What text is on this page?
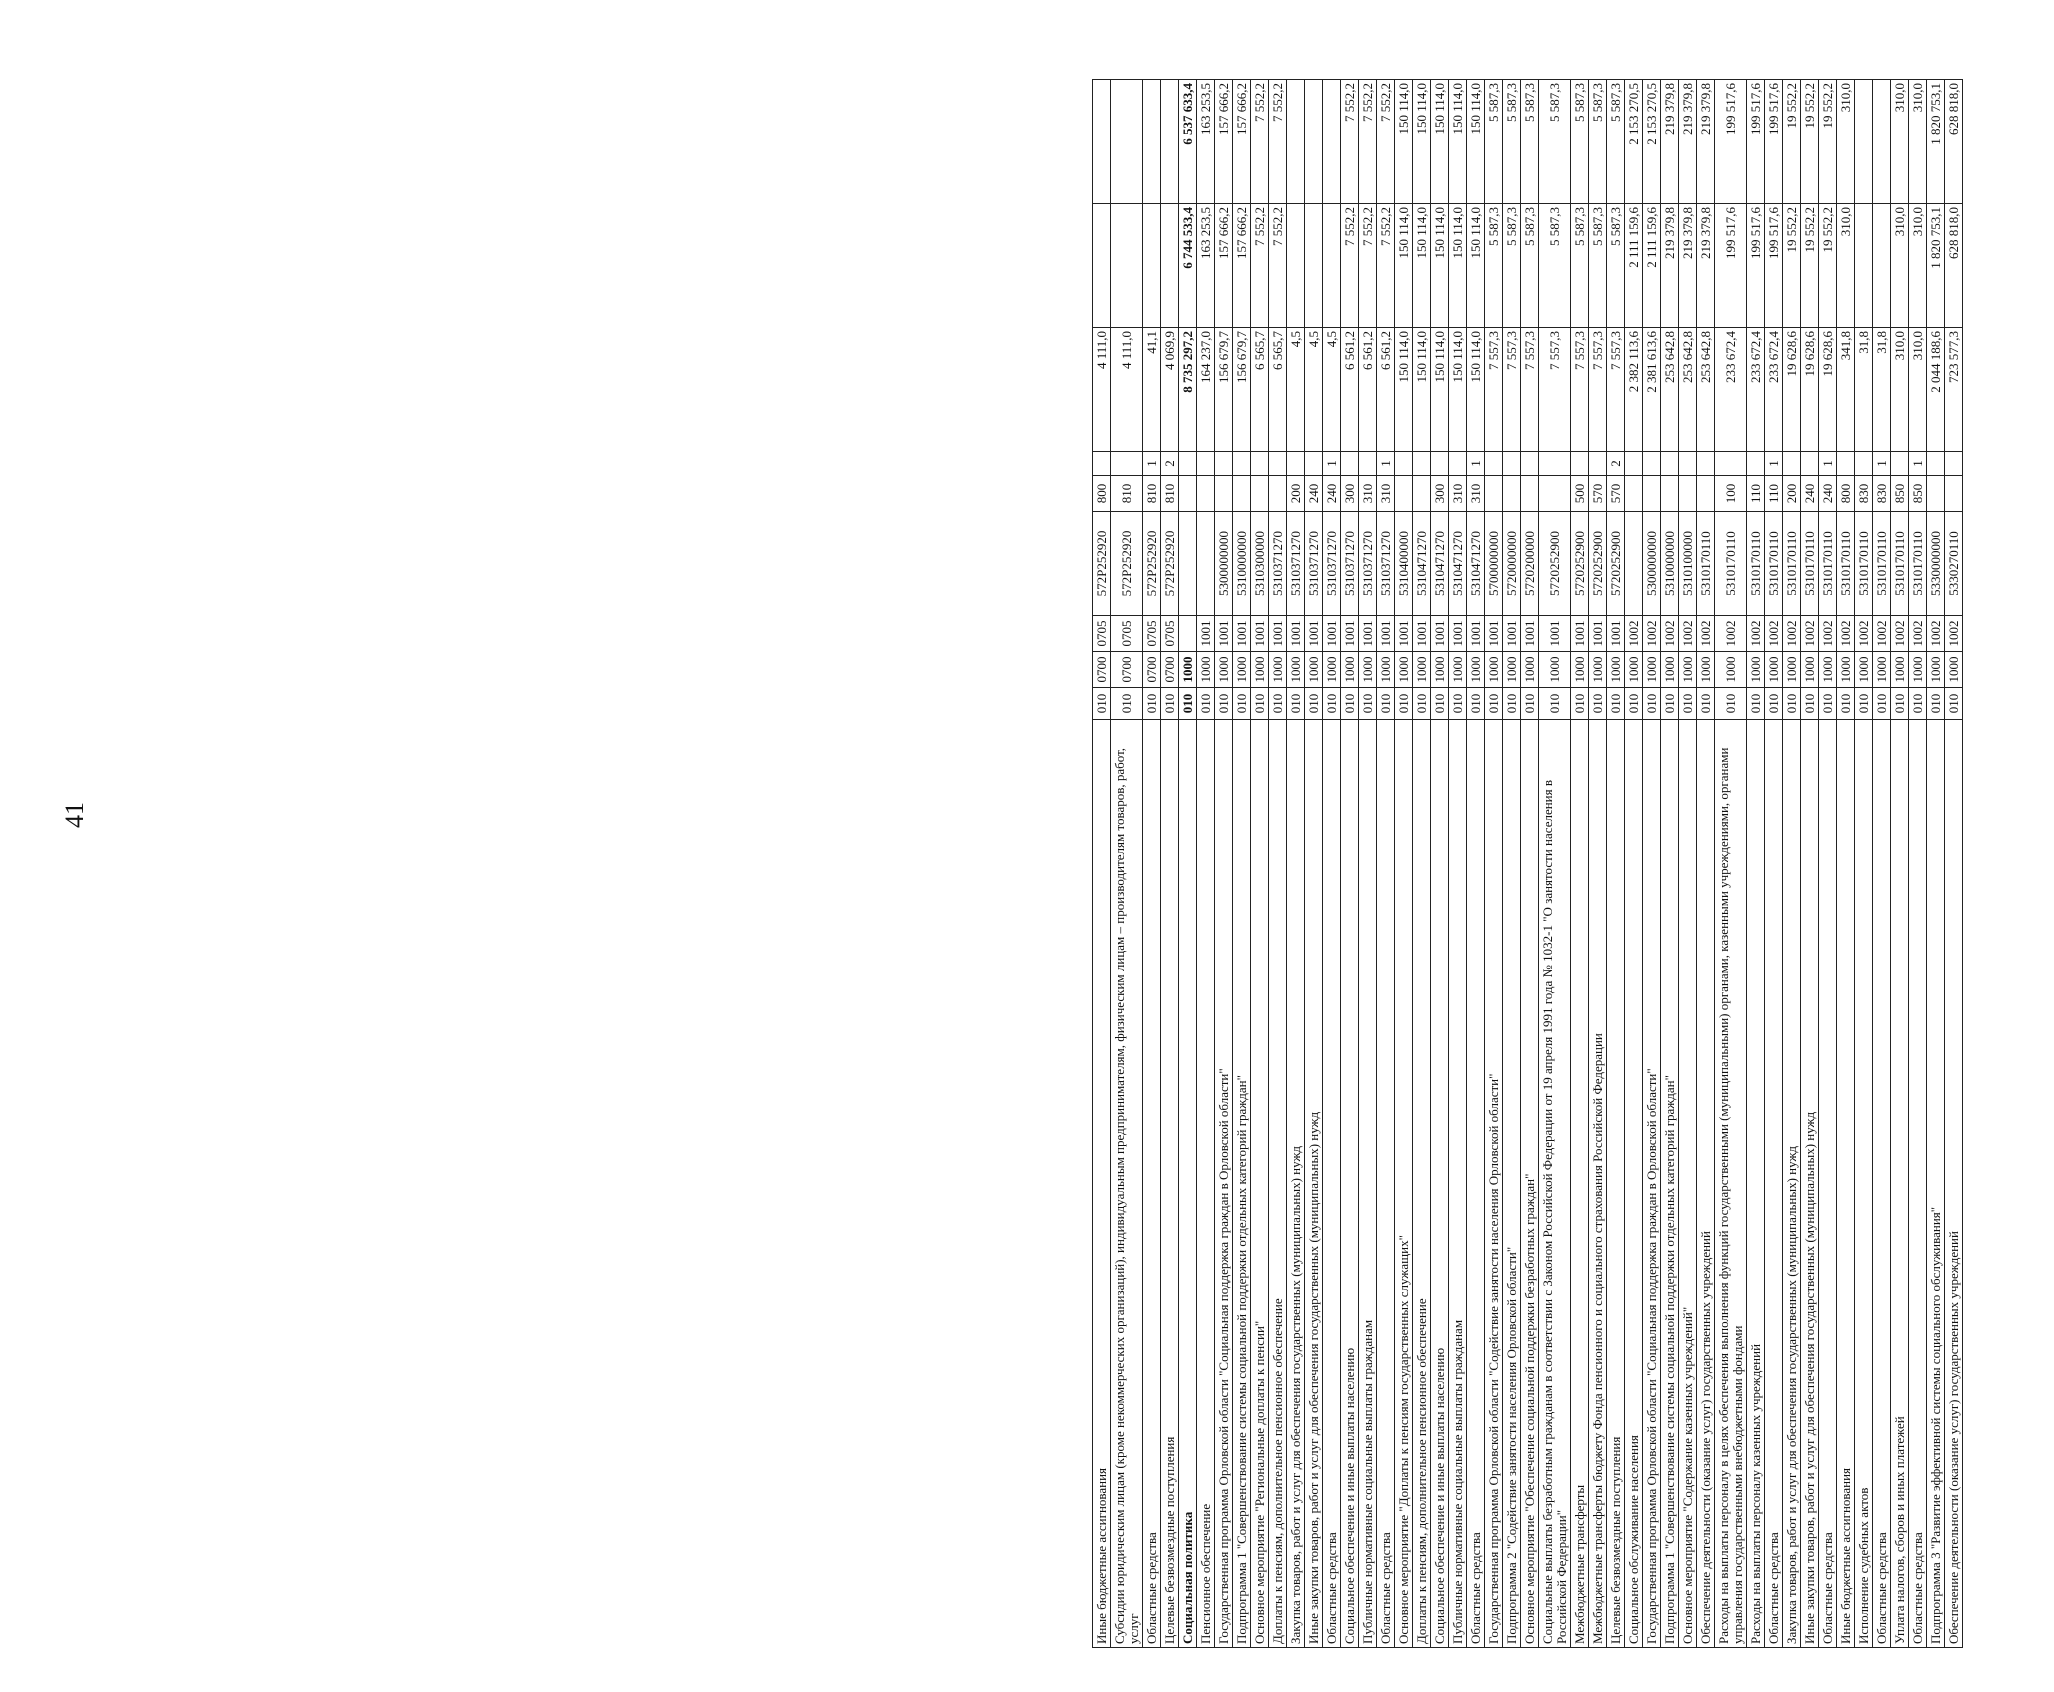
41
Иные бюджетные ассигнования	010	0700	0705	572P252920	800		4 111,0		
Субсидии юридическим лицам (кроме некоммерческих организаций), индивидуальным предпринимателям, физическим лицам – производителям товаров, работ, услуг	010	0700	0705	572P252920	810		4 111,0		
Областные средства	010	0700	0705	572P252920	810	1	41,1		
Целевые безвозмездные поступления	010	0700	0705	572P252920	810	2	4 069,9		
Социальная политика	010	1000					8 735 297,2	6 744 533,4	6 537 633,4
Пенсионное обеспечение	010	1000	1001				164 237,0	163 253,5	163 253,5
Государственная программа Орловской области "Социальная поддержка граждан в Орловской области"	010	1000	1001	5300000000			156 679,7	157 666,2	157 666,2
Подпрограмма 1 "Совершенствование системы социальной поддержки отдельных категорий граждан"	010	1000	1001	5310000000			156 679,7	157 666,2	157 666,2
Основное мероприятие "Региональные доплаты к пенсии"	010	1000	1001	5310300000			6 565,7	7 552,2	7 552,2
Доплаты к пенсиям, дополнительное пенсионное обеспечение	010	1000	1001	5310371270			6 565,7	7 552,2	7 552,2
Закупка товаров, работ и услуг для обеспечения государственных (муниципальных) нужд	010	1000	1001	5310371270	200		4,5		
Иные закупки товаров, работ и услуг для обеспечения государственных (муниципальных) нужд	010	1000	1001	5310371270	240		4,5		
Областные средства	010	1000	1001	5310371270	240	1	4,5		
Социальное обеспечение и иные выплаты населению	010	1000	1001	5310371270	300		6 561,2	7 552,2	7 552,2
Публичные нормативные социальные выплаты гражданам	010	1000	1001	5310371270	310		6 561,2	7 552,2	7 552,2
Областные средства	010	1000	1001	5310371270	310	1	6 561,2	7 552,2	7 552,2
Основное мероприятие "Доплаты к пенсиям государственных служащих"	010	1000	1001	5310400000			150 114,0	150 114,0	150 114,0
Доплаты к пенсиям, дополнительное пенсионное обеспечение	010	1000	1001	5310471270			150 114,0	150 114,0	150 114,0
Социальное обеспечение и иные выплаты населению	010	1000	1001	5310471270	300		150 114,0	150 114,0	150 114,0
Публичные нормативные социальные выплаты гражданам	010	1000	1001	5310471270	310		150 114,0	150 114,0	150 114,0
Областные средства	010	1000	1001	5310471270	310	1	150 114,0	150 114,0	150 114,0
Государственная программа Орловской области "Содействие занятости населения Орловской области"	010	1000	1001	5700000000			7 557,3	5 587,3	5 587,3
Подпрограмма 2 "Содействие занятости населения Орловской области"	010	1000	1001	5720000000			7 557,3	5 587,3	5 587,3
Основное мероприятие "Обеспечение социальной поддержки безработных граждан"	010	1000	1001	5720200000			7 557,3	5 587,3	5 587,3
Социальные выплаты безработным гражданам в соответствии с Законом Российской Федерации от 19 апреля 1991 года № 1032-1 "О занятости населения в Российской Федерации"	010	1000	1001	5720252900			7 557,3	5 587,3	5 587,3
Межбюджетные трансферты	010	1000	1001	5720252900	500		7 557,3	5 587,3	5 587,3
Межбюджетные трансферты бюджету Фонда пенсионного и социального страхования Российской Федерации	010	1000	1001	5720252900	570		7 557,3	5 587,3	5 587,3
Целевые безвозмездные поступления	010	1000	1001	5720252900	570	2	7 557,3	5 587,3	5 587,3
Социальное обслуживание населения	010	1000	1002				2 382 113,6	2 111 159,6	2 153 270,5
Государственная программа Орловской области "Социальная поддержка граждан в Орловской области"	010	1000	1002	5300000000			2 381 613,6	2 111 159,6	2 153 270,5
Подпрограмма 1 "Совершенствование системы социальной поддержки отдельных категорий граждан"	010	1000	1002	5310000000			253 642,8	219 379,8	219 379,8
Основное мероприятие "Содержание казенных учреждений"	010	1000	1002	5310100000			253 642,8	219 379,8	219 379,8
Обеспечение деятельности (оказание услуг) государственных учреждений	010	1000	1002	5310170110			253 642,8	219 379,8	219 379,8
Расходы на выплаты персоналу в целях обеспечения выполнения функций государственными (муниципальными) органами, казенными учреждениями, органами управления государственными внебюджетными фондами	010	1000	1002	5310170110	100		233 672,4	199 517,6	199 517,6
Расходы на выплаты персоналу казенных учреждений	010	1000	1002	5310170110	110		233 672,4	199 517,6	199 517,6
Областные средства	010	1000	1002	5310170110	110	1	233 672,4	199 517,6	199 517,6
Закупка товаров, работ и услуг для обеспечения государственных (муниципальных) нужд	010	1000	1002	5310170110	200		19 628,6	19 552,2	19 552,2
Иные закупки товаров, работ и услуг для обеспечения государственных (муниципальных) нужд	010	1000	1002	5310170110	240		19 628,6	19 552,2	19 552,2
Областные средства	010	1000	1002	5310170110	240	1	19 628,6	19 552,2	19 552,2
Иные бюджетные ассигнования	010	1000	1002	5310170110	800		341,8	310,0	310,0
Исполнение судебных актов	010	1000	1002	5310170110	830		31,8		
Областные средства	010	1000	1002	5310170110	830	1	31,8		
Уплата налогов, сборов и иных платежей	010	1000	1002	5310170110	850		310,0	310,0	310,0
Областные средства	010	1000	1002	5310170110	850	1	310,0	310,0	310,0
Подпрограмма 3 "Развитие эффективной системы социального обслуживания"	010	1000	1002	5330000000			2 044 188,6	1 820 753,1	1 820 753,1
Обеспечение деятельности (оказание услуг) государственных учреждений	010	1000	1002	5330270110			723 577,3	628 818,0	628 818,0
